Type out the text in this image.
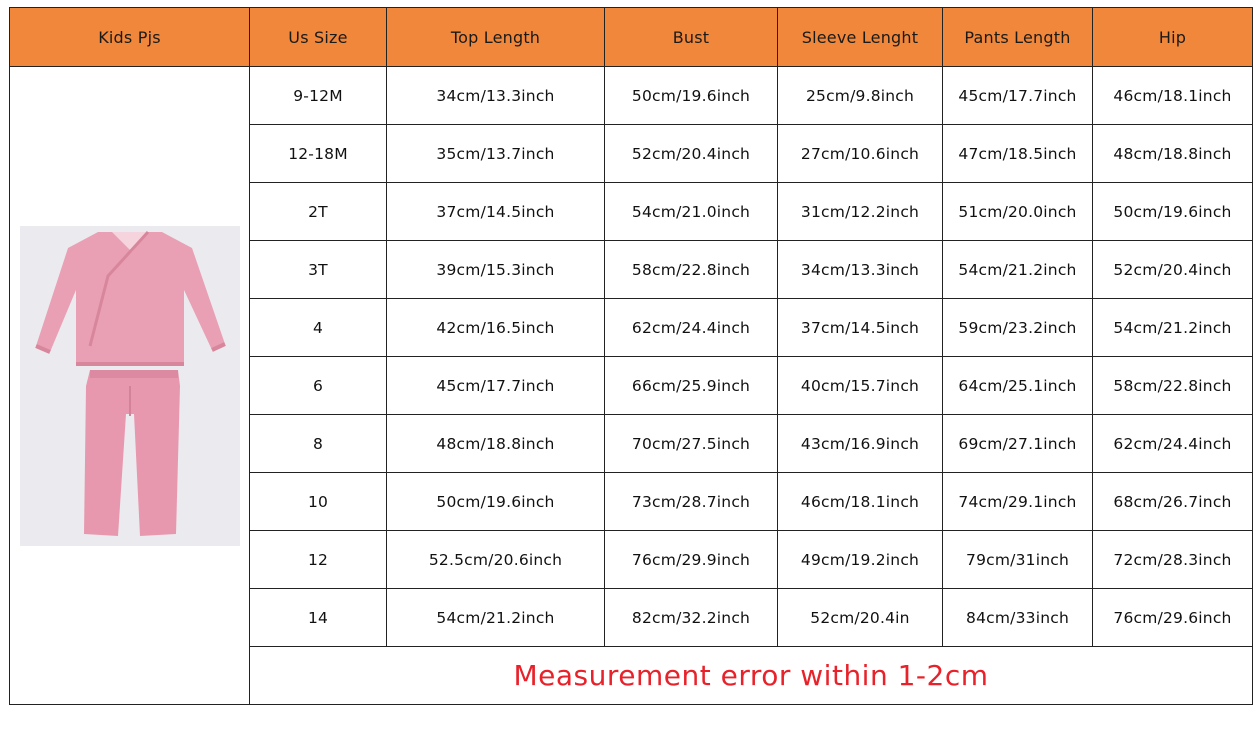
Kids Pjs	Us Size	Top Length	Bust	Sleeve Lenght	Pants Length	Hip

	9-12M	34cm/13.3inch	50cm/19.6inch	25cm/9.8inch	45cm/17.7inch	46cm/18.1inch
	12-18M	35cm/13.7inch	52cm/20.4inch	27cm/10.6inch	47cm/18.5inch	48cm/18.8inch
	2T	37cm/14.5inch	54cm/21.0inch	31cm/12.2inch	51cm/20.0inch	50cm/19.6inch
	3T	39cm/15.3inch	58cm/22.8inch	34cm/13.3inch	54cm/21.2inch	52cm/20.4inch
	4	42cm/16.5inch	62cm/24.4inch	37cm/14.5inch	59cm/23.2inch	54cm/21.2inch
	6	45cm/17.7inch	66cm/25.9inch	40cm/15.7inch	64cm/25.1inch	58cm/22.8inch
	8	48cm/18.8inch	70cm/27.5inch	43cm/16.9inch	69cm/27.1inch	62cm/24.4inch
	10	50cm/19.6inch	73cm/28.7inch	46cm/18.1inch	74cm/29.1inch	68cm/26.7inch
	12	52.5cm/20.6inch	76cm/29.9inch	49cm/19.2inch	79cm/31inch	72cm/28.3inch
	14	54cm/21.2inch	82cm/32.2inch	52cm/20.4in	84cm/33inch	76cm/29.6inch
	Measurement error within 1-2cm					
